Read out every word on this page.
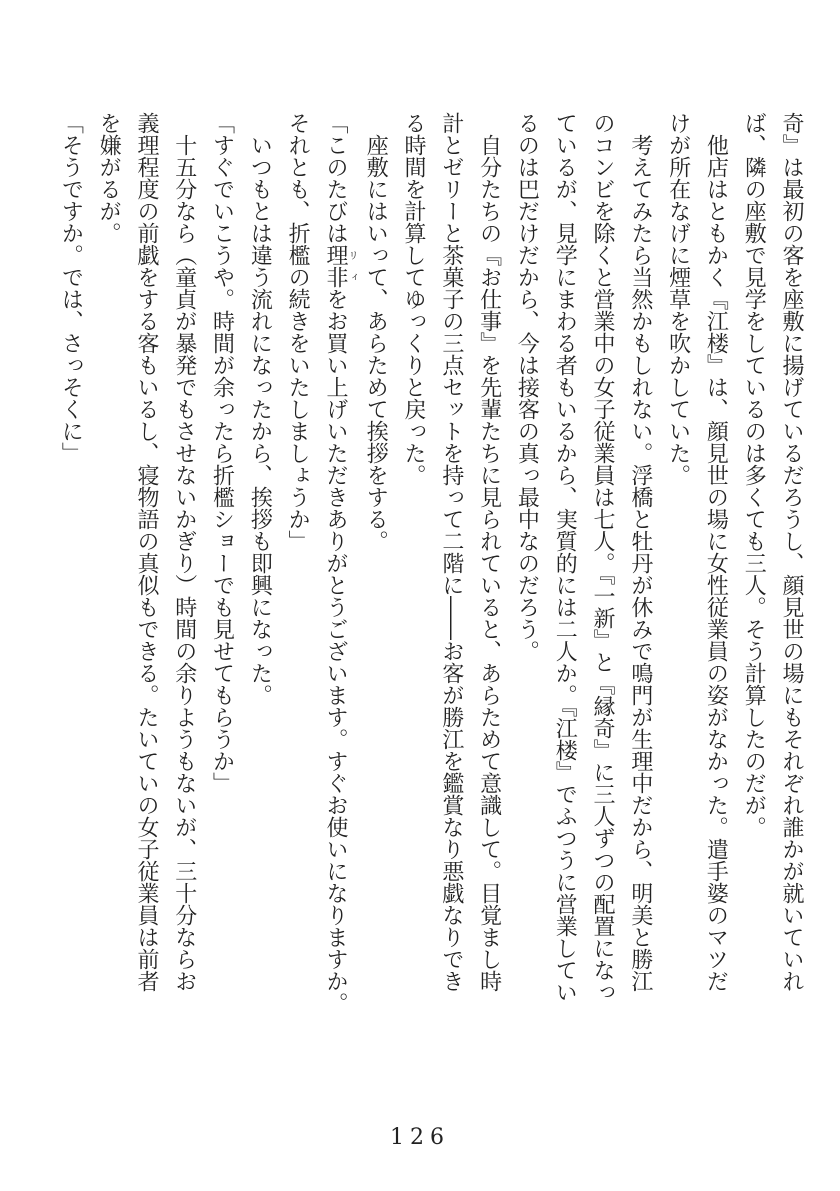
奇』は最初の客を座敷に揚げているだろうし、顔見世の場にもそれぞれ誰かが就いていれ
ば、隣の座敷で見学をしているのは多くても三人。そう計算したのだが。
　他店はともかく『江楼』は、顔見世の場に女性従業員の姿がなかった。遣手婆のマツだ
けが所在なげに煙草を吹かしていた。
　考えてみたら当然かもしれない。浮橋と牡丹が休みで鳴門が生理中だから、明美と勝江
のコンビを除くと営業中の女子従業員は七人。『一新』と『縁奇』に三人ずつの配置になっ
ているが、見学にまわる者もいるから、実質的には二人か。『江楼』でふつうに営業してい
るのは巴だけだから、今は接客の真っ最中なのだろう。
　自分たちの『お仕事』を先輩たちに見られていると、あらためて意識して。目覚まし時
計とゼリーと茶菓子の三点セットを持って二階に――お客が勝江を鑑賞なり悪戯なりでき
る時間を計算してゆっくりと戻った。
　座敷にはいって、あらためて挨拶をする。
「このたびは理非リィをお買い上げいただきありがとうございます。すぐお使いになりますか。
それとも、折檻の続きをいたしましょうか」
　いつもとは違う流れになったから、挨拶も即興になった。
「すぐでいこうや。時間が余ったら折檻ショーでも見せてもらうか」
　十五分なら（童貞が暴発でもさせないかぎり）時間の余りようもないが、三十分ならお
義理程度の前戯をする客もいるし、寝物語の真似もできる。たいていの女子従業員は前者
を嫌がるが。
「そうですか。では、さっそくに」
126
